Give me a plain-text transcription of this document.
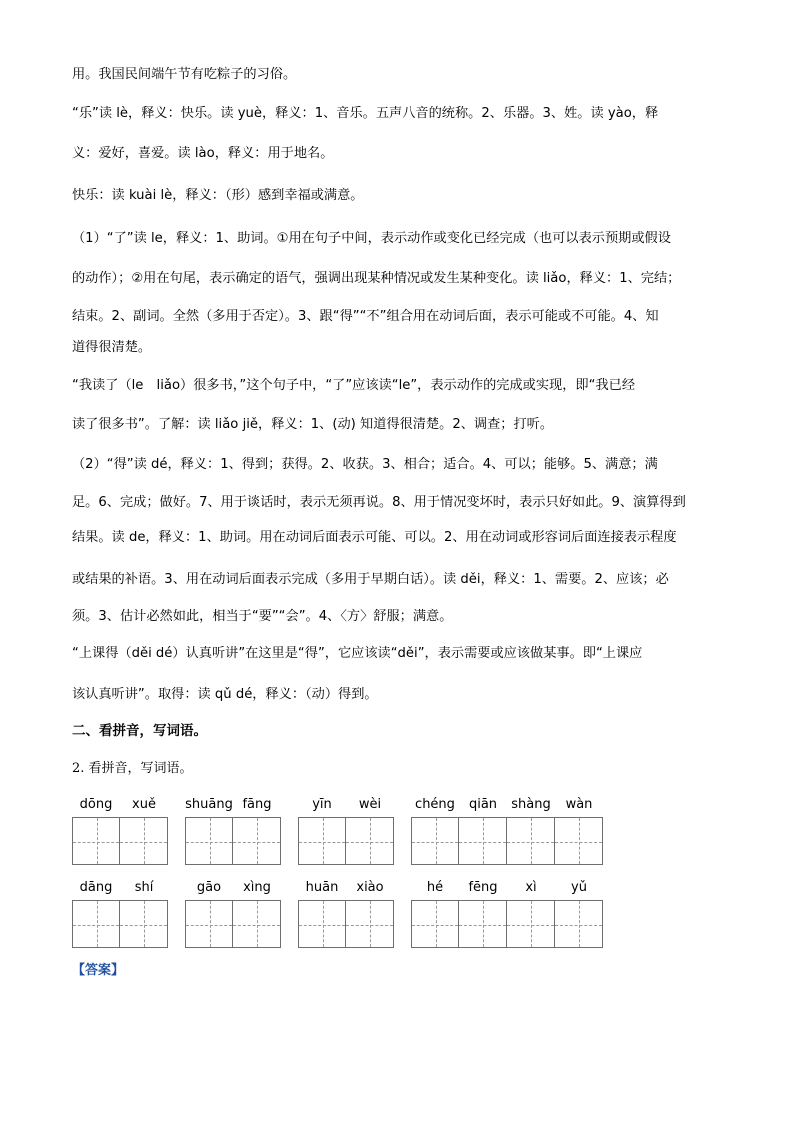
用。我国民间端午节有吃粽子的习俗。
“乐”读 lè，释义：快乐。读 yuè，释义：1、音乐。五声八音的统称。2、乐器。3、姓。读 yào，释
义：爱好，喜爱。读 lào，释义：用于地名。
快乐：读 kuài lè，释义：（形）感到幸福或满意。
（1）“了”读 le，释义：1、助词。①用在句子中间，表示动作或变化已经完成（也可以表示预期或假设
的动作）；②用在句尾，表示确定的语气，强调出现某种情况或发生某种变化。读 liǎo，释义：1、完结；
结束。2、副词。全然（多用于否定）。3、跟“得”“不”组合用在动词后面，表示可能或不可能。4、知
道得很清楚。
“我读了（le　liǎo）很多书，”这个句子中，“了”应该读“le”，表示动作的完成或实现，即“我已经
读了很多书”。了解：读 liǎo jiě，释义：1、(动) 知道得很清楚。2、调查；打听。
（2）“得”读 dé，释义：1、得到；获得。2、收获。3、相合；适合。4、可以；能够。5、满意；满
足。6、完成；做好。7、用于谈话时，表示无须再说。8、用于情况变坏时，表示只好如此。9、演算得到
结果。读 de，释义：1、助词。用在动词后面表示可能、可以。2、用在动词或形容词后面连接表示程度
或结果的补语。3、用在动词后面表示完成（多用于早期白话）。读 děi，释义：1、需要。2、应该；必
须。3、估计必然如此，相当于“要”“会”。4、〈方〉舒服；满意。
“上课得（děi dé）认真听讲”在这里是“得”，它应该读“děi”，表示需要或应该做某事。即“上课应
该认真听讲”。取得：读 qǔ dé，释义：（动）得到。
二、看拼音，写词语。
2. 看拼音，写词语。
dōng	xuě	shuāng fāng	yīn	wèi	chéng	qiān	shàng	wàn
dāng	shí	gāo	xìng	huān	xiào	hé	fēng	xì	yǔ
【答案】
